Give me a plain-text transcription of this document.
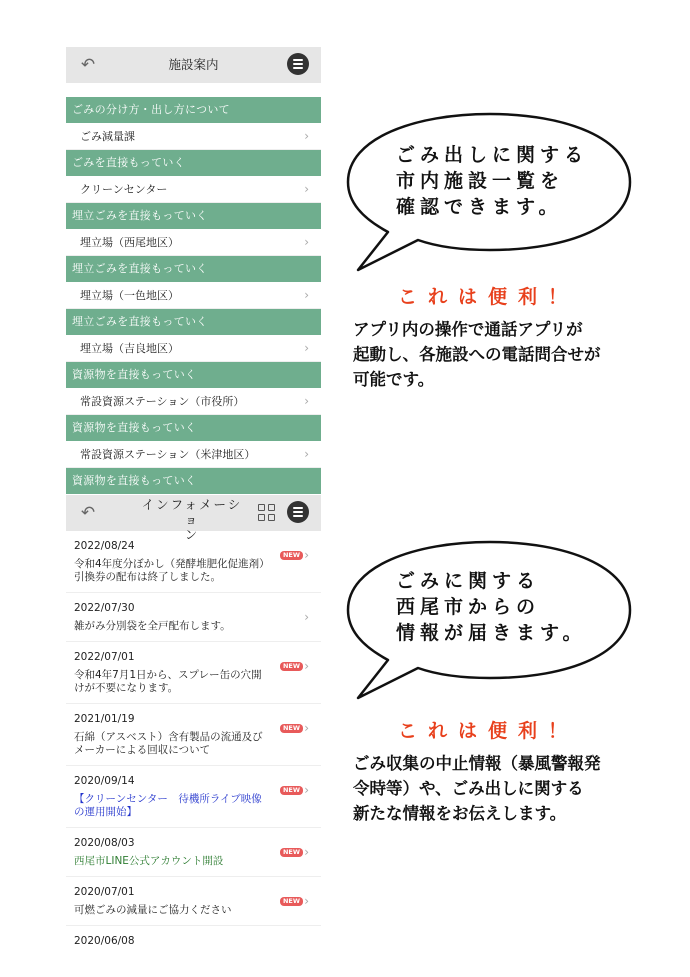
↶	施設案内
ごみの分け方・出し方について
ごみ減量課	›
ごみを直接もっていく
クリーンセンター	›
埋立ごみを直接もっていく
埋立場（西尾地区）	›
埋立ごみを直接もっていく
埋立場（一色地区）	›
埋立ごみを直接もっていく
埋立場（吉良地区）	›
資源物を直接もっていく
常設資源ステーション（市役所）	›
資源物を直接もっていく
常設資源ステーション（米津地区）	›
資源物を直接もっていく
↶	インフォメーショ
ン
2022/08/24
令和4年度分ぼかし（発酵堆肥化促進剤）
引換券の配布は終了しました。
NEW ›
2022/07/30
雑がみ分別袋を全戸配布します。
›
2022/07/01
令和4年7月1日から、スプレー缶の穴開
けが不要になります。
NEW ›
2021/01/19
石綿（アスベスト）含有製品の流通及び
メーカーによる回収について
NEW ›
2020/09/14
【クリーンセンター　待機所ライブ映像
の運用開始】
NEW ›
2020/08/03
西尾市LINE公式アカウント開設
NEW ›
2020/07/01
可燃ごみの減量にご協力ください
NEW ›
2020/06/08
ごみ出しに関する
市内施設一覧を
確認できます。
これは便利！
アプリ内の操作で通話アプリが
起動し、各施設への電話問合せが
可能です。
ごみに関する
西尾市からの
情報が届きます。
これは便利！
ごみ収集の中止情報（暴風警報発
令時等）や、ごみ出しに関する
新たな情報をお伝えします。
